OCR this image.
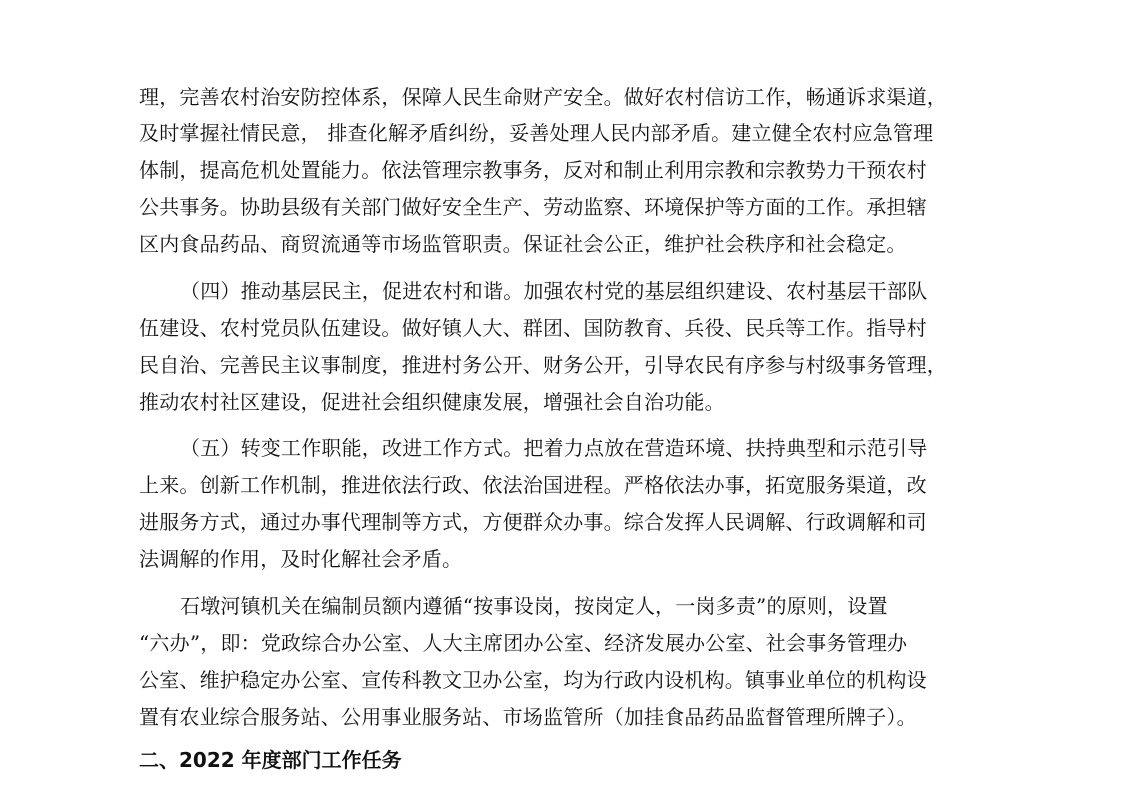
理，完善农村治安防控体系，保障人民生命财产安全。做好农村信访工作，畅通诉求渠道，
及时掌握社情民意， 排查化解矛盾纠纷，妥善处理人民内部矛盾。建立健全农村应急管理
体制，提高危机处置能力。依法管理宗教事务，反对和制止利用宗教和宗教势力干预农村
公共事务。协助县级有关部门做好安全生产、劳动监察、环境保护等方面的工作。承担辖
区内食品药品、商贸流通等市场监管职责。保证社会公正，维护社会秩序和社会稳定。
（四）推动基层民主，促进农村和谐。加强农村党的基层组织建设、农村基层干部队
伍建设、农村党员队伍建设。做好镇人大、群团、国防教育、兵役、民兵等工作。指导村
民自治、完善民主议事制度，推进村务公开、财务公开，引导农民有序参与村级事务管理，
推动农村社区建设，促进社会组织健康发展，增强社会自治功能。
（五）转变工作职能，改进工作方式。把着力点放在营造环境、扶持典型和示范引导
上来。创新工作机制，推进依法行政、依法治国进程。严格依法办事，拓宽服务渠道，改
进服务方式，通过办事代理制等方式，方便群众办事。综合发挥人民调解、行政调解和司
法调解的作用，及时化解社会矛盾。
石墩河镇机关在编制员额内遵循“按事设岗，按岗定人，一岗多责”的原则，设置
“六办”，即：党政综合办公室、人大主席团办公室、经济发展办公室、社会事务管理办
公室、维护稳定办公室、宣传科教文卫办公室，均为行政内设机构。镇事业单位的机构设
置有农业综合服务站、公用事业服务站、市场监管所（加挂食品药品监督管理所牌子）。
二、2022 年度部门工作任务
